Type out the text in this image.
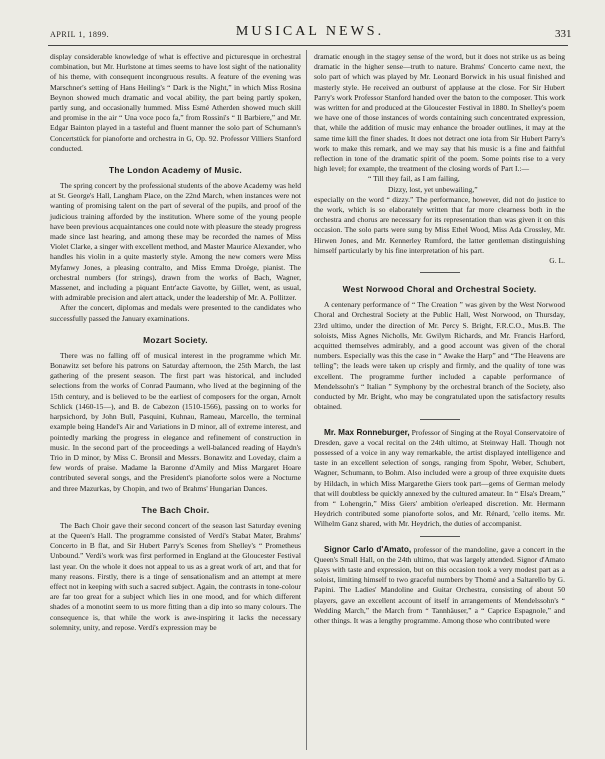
APRIL 1, 1899.	MUSICAL NEWS.	331

display considerable knowledge of what is effective and picturesque in orchestral combination, but Mr. Hurlstone at times seems to have lost sight of the nationality of his theme, with consequent incongruous results. A feature of the evening was Marschner's setting of Hans Heiling's “ Dark is the Night,” in which Miss Rosina Beynon showed much dramatic and vocal ability, the part being partly spoken, partly sung, and occasionally hummed. Miss Esmé Atherden showed much skill and promise in the air “ Una voce poco fa,” from Rossini's “ Il Barbiere,” and Mr. Edgar Bainton played in a tasteful and fluent manner the solo part of Schumann's Concertstück for pianoforte and orchestra in G, Op. 92. Professor Villiers Stanford conducted.

The London Academy of Music.

The spring concert by the professional students of the above Academy was held at St. George's Hall, Langham Place, on the 22nd March, when instances were not wanting of promising talent on the part of several of the pupils, and proof of the judicious training afforded by the institution. Where some of the young people have been previous acquaintances one could note with pleasure the steady progress made since last hearing, and among these may be recorded the names of Miss Violet Clarke, a singer with excellent method, and Master Maurice Alexander, who handles his violin in a quite masterly style. Among the new comers were Miss Myfanwy Jones, a pleasing contralto, and Miss Emma Droège, pianist. The orchestral numbers (for strings), drawn from the works of Bach, Wagner, Massenet, and including a piquant Entr'acte Gavotte, by Gillet, went, as usual, with admirable precision and alert attack, under the leadership of Mr. A. Pollitzer.

After the concert, diplomas and medals were presented to the candidates who successfully passed the January examinations.

Mozart Society.

There was no falling off of musical interest in the programme which Mr. Bonawitz set before his patrons on Saturday afternoon, the 25th March, the last gathering of the present season. The first part was historical, and included selections from the works of Conrad Paumann, who lived at the beginning of the 15th century, and is believed to be the earliest of composers for the organ, Arnolt Schlick (1460-15—), and B. de Cabezon (1510-1566), passing on to works for harpsichord, by John Bull, Pasquini, Kuhnau, Rameau, Marcello, the terminal example being Handel's Air and Variations in D minor, all of extreme interest, and pointedly marking the progress in elegance and refinement of construction in music. In the second part of the proceedings a well-balanced reading of Haydn's Trio in D minor, by Miss C. Bronsil and Messrs. Bonawitz and Loveday, claim a few words of praise. Madame la Baronne d'Amily and Miss Margaret Hoare contributed several songs, and the President's pianoforte solos were a Nocturne and three Mazurkas, by Chopin, and two of Brahms' Hungarian Dances.

The Bach Choir.

The Bach Choir gave their second concert of the season last Saturday evening at the Queen's Hall. The programme consisted of Verdi's Stabat Mater, Brahms' Concerto in B flat, and Sir Hubert Parry's Scenes from Shelley's “ Prometheus Unbound.” Verdi's work was first performed in England at the Gloucester Festival last year. On the whole it does not appeal to us as a great work of art, and that for many reasons. Firstly, there is a tinge of sensationalism and an attempt at mere effect not in keeping with such a sacred subject. Again, the contrasts in tone-colour are far too great for a subject which lies in one mood, and for which different shades of a monotint seem to us more fitting than a dip into so many colours. The consequence is, that while the work is awe-inspiring it lacks the necessary solemnity, unity, and repose. Verdi's expression may be

dramatic enough in the stagey sense of the word, but it does not strike us as being dramatic in the higher sense—truth to nature. Brahms' Concerto came next, the solo part of which was played by Mr. Leonard Borwick in his usual finished and masterly style. He received an outburst of applause at the close. For Sir Hubert Parry's work Professor Stanford handed over the baton to the composer. This work was written for and produced at the Gloucester Festival in 1880. In Shelley's poem we have one of those instances of words containing such concentrated expression, that, while the addition of music may enhance the broader outlines, it may at the same time kill the finer shades. It does not detract one iota from Sir Hubert Parry's work to make this remark, and we may say that his music is a fine and faithful reflection in tone of the dramatic spirit of the poem. Some points rise to a very high level; for example, the treatment of the closing words of Part I.:—

“ Till they fail, as I am failing,

Dizzy, lost, yet unbewailing,”

especially on the word “ dizzy.” The performance, however, did not do justice to the work, which is so elaborately written that far more clearness both in the orchestra and chorus are necessary for its representation than was given it on this occasion. The solo parts were sung by Miss Ethel Wood, Miss Ada Crossley, Mr. Hirwen Jones, and Mr. Kennerley Rumford, the latter gentleman distinguishing himself particularly by his fine interpretation of his part.

G. L.

West Norwood Choral and Orchestral Society.

A centenary performance of “ The Creation ” was given by the West Norwood Choral and Orchestral Society at the Public Hall, West Norwood, on Thursday, 23rd ultimo, under the direction of Mr. Percy S. Bright, F.R.C.O., Mus.B. The soloists, Miss Agnes Nicholls, Mr. Gwilym Richards, and Mr. Francis Harford, acquitted themselves admirably, and a good account was given of the choral numbers. Especially was this the case in “ Awake the Harp” and “The Heavens are telling”; the leads were taken up crisply and firmly, and the quality of tone was excellent. The programme further included a capable performance of Mendelssohn's “ Italian ” Symphony by the orchestral branch of the Society, also conducted by Mr. Bright, who may be congratulated upon the satisfactory results obtained.

Mr. Max Ronneburger, Professor of Singing at the Royal Conservatoire of Dresden, gave a vocal recital on the 24th ultimo, at Steinway Hall. Though not possessed of a voice in any way remarkable, the artist displayed intelligence and taste in an excellent selection of songs, ranging from Spohr, Weber, Schubert, Wagner, Schumann, to Bohm. Also included were a group of three exquisite duets by Hildach, in which Miss Margarethe Giers took part—gems of German melody that will doubtless be quickly annexed by the cultured amateur. In “ Elsa's Dream,” from “ Lohengrin,” Miss Giers' ambition o'erleaped discretion. Mr. Hermann Heydrich contributed some pianoforte solos, and Mr. Rénard, 'cello items. Mr. Wilhelm Ganz shared, with Mr. Heydrich, the duties of accompanist.

Signor Carlo d'Amato, professor of the mandoline, gave a concert in the Queen's Small Hall, on the 24th ultimo, that was largely attended. Signor d'Amato plays with taste and expression, but on this occasion took a very modest part as a soloist, limiting himself to two graceful numbers by Thomé and a Saltarello by G. Papini. The Ladies' Mandoline and Guitar Orchestra, consisting of about 50 players, gave an excellent account of itself in arrangements of Mendelssohn's “ Wedding March,” the March from “ Tannhäuser,” a “ Caprice Espagnole,” and other things. It was a lengthy programme. Among those who contributed were
